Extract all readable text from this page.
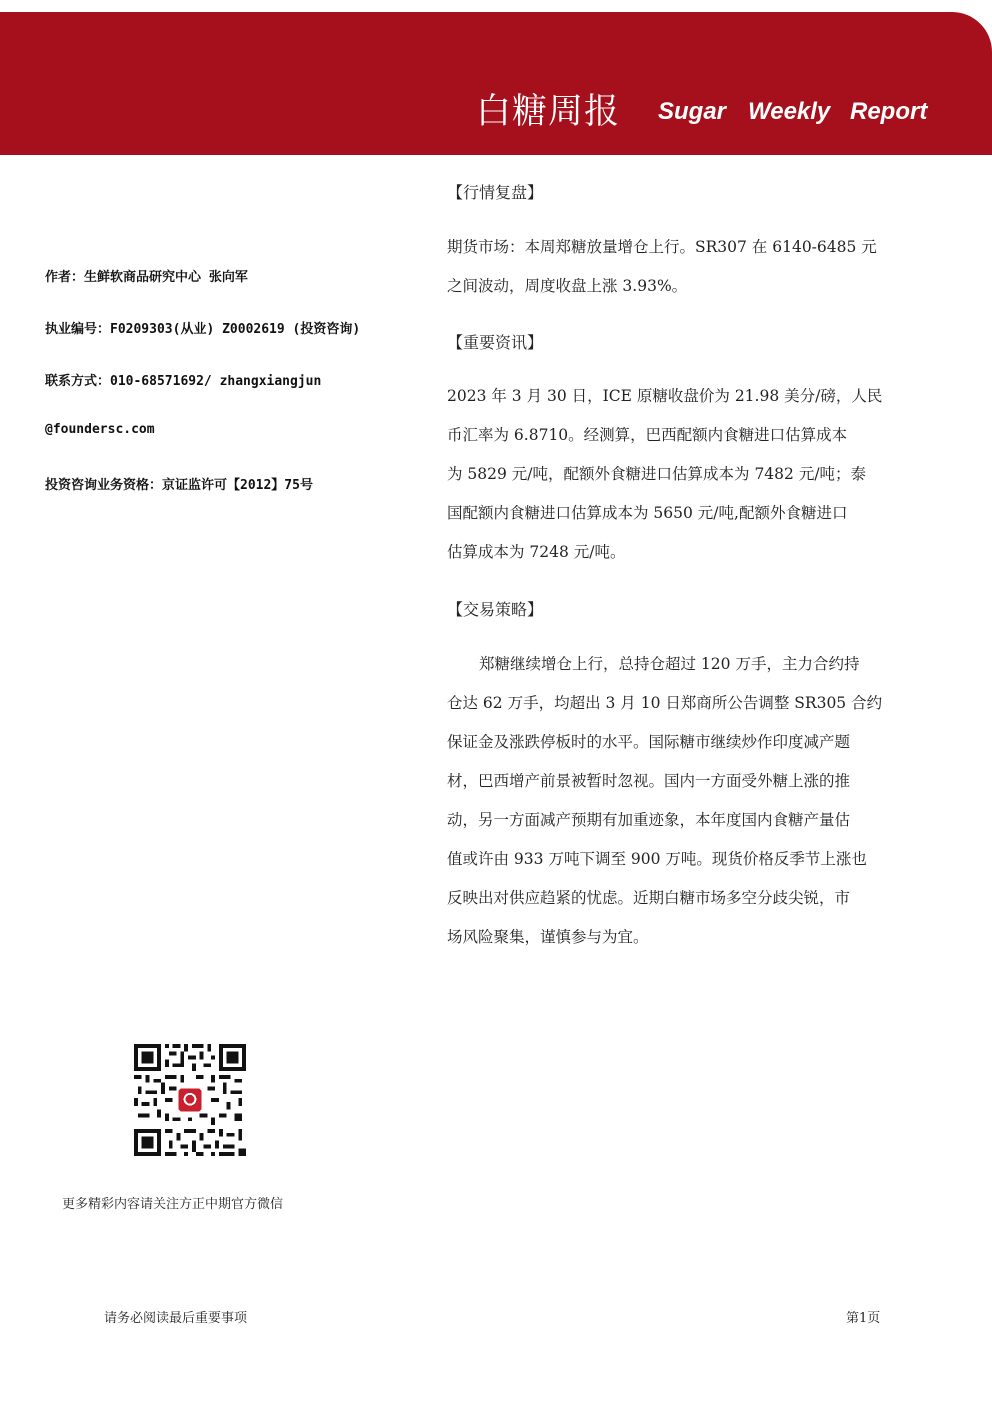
白糖周报 Sugar Weekly Report
作者：生鲜软商品研究中心 张向军
执业编号：F0209303(从业) Z0002619 (投资咨询)
联系方式：010-68571692/ zhangxiangjun
@foundersc.com
投资咨询业务资格：京证监许可【2012】75号
【行情复盘】
期货市场：本周郑糖放量增仓上行。SR307 在 6140-6485 元
之间波动，周度收盘上涨 3.93%。
【重要资讯】
2023 年 3 月 30 日，ICE 原糖收盘价为 21.98 美分/磅，人民
币汇率为 6.8710。经测算，巴西配额内食糖进口估算成本
为 5829 元/吨，配额外食糖进口估算成本为 7482 元/吨；泰
国配额内食糖进口估算成本为 5650 元/吨,配额外食糖进口
估算成本为 7248 元/吨。
【交易策略】
郑糖继续增仓上行，总持仓超过 120 万手，主力合约持
仓达 62 万手，均超出 3 月 10 日郑商所公告调整 SR305 合约
保证金及涨跌停板时的水平。国际糖市继续炒作印度减产题
材，巴西增产前景被暂时忽视。国内一方面受外糖上涨的推
动，另一方面减产预期有加重迹象，本年度国内食糖产量估
值或许由 933 万吨下调至 900 万吨。现货价格反季节上涨也
反映出对供应趋紧的忧虑。近期白糖市场多空分歧尖锐，市
场风险聚集，谨慎参与为宜。
更多精彩内容请关注方正中期官方微信
请务必阅读最后重要事项	第1页
